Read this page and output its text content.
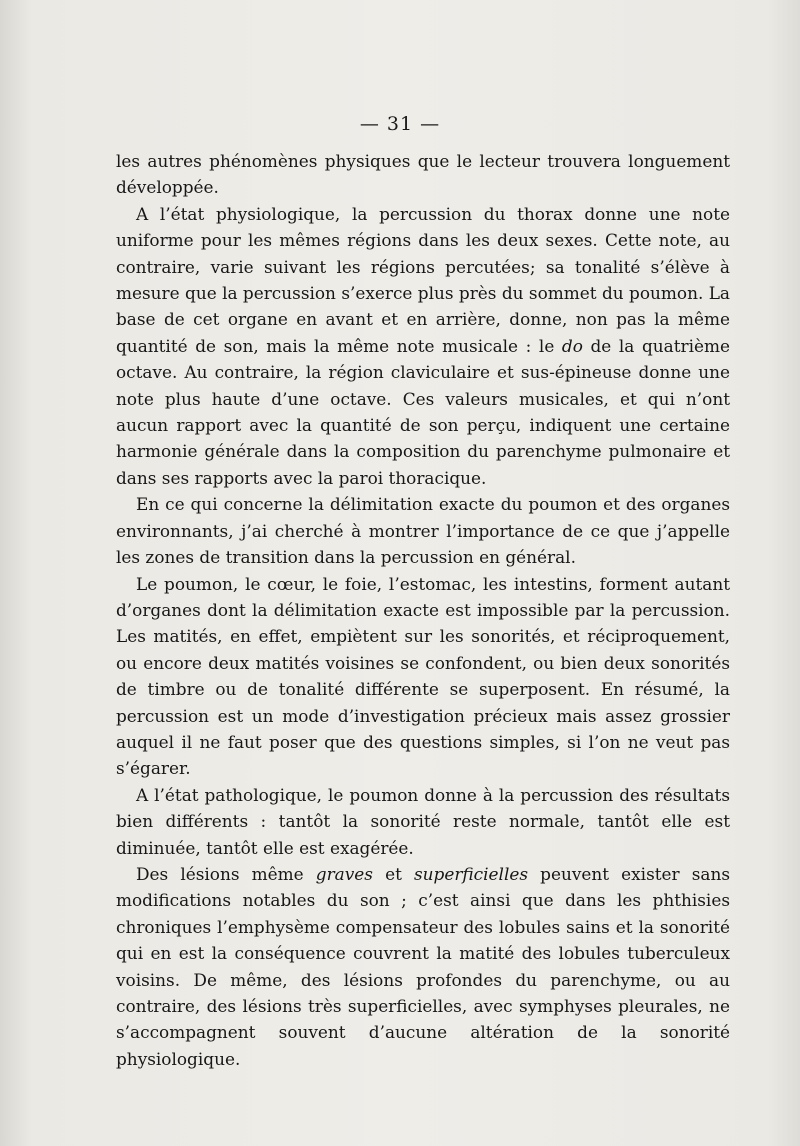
— 31 —

les autres phénomènes physiques que le lecteur trouvera longuement développée.

A l’état physiologique, la percussion du thorax donne une note uniforme pour les mêmes régions dans les deux sexes. Cette note, au contraire, varie suivant les régions percutées; sa tonalité s’élève à mesure que la percussion s’exerce plus près du sommet du poumon. La base de cet organe en avant et en arrière, donne, non pas la même quantité de son, mais la même note musicale : le do de la quatrième octave. Au contraire, la région claviculaire et sus-épineuse donne une note plus haute d’une octave. Ces valeurs musicales, et qui n’ont aucun rapport avec la quantité de son perçu, indiquent une certaine harmonie générale dans la composition du parenchyme pulmonaire et dans ses rapports avec la paroi thoracique.

En ce qui concerne la délimitation exacte du poumon et des organes environnants, j’ai cherché à montrer l’importance de ce que j’appelle les zones de transition dans la percussion en général.

Le poumon, le cœur, le foie, l’estomac, les intestins, forment autant d’organes dont la délimitation exacte est impossible par la percussion. Les matités, en effet, empiètent sur les sonorités, et réciproquement, ou encore deux matités voisines se confondent, ou bien deux sonorités de timbre ou de tonalité différente se superposent. En résumé, la percussion est un mode d’investigation précieux mais assez grossier auquel il ne faut poser que des questions simples, si l’on ne veut pas s’égarer.

A l’état pathologique, le poumon donne à la percussion des résultats bien différents : tantôt la sonorité reste normale, tantôt elle est diminuée, tantôt elle est exagérée.

Des lésions même graves et superficielles peuvent exister sans modifications notables du son ; c’est ainsi que dans les phthisies chroniques l’emphysème compensateur des lobules sains et la sonorité qui en est la conséquence couvrent la matité des lobules tuberculeux voisins. De même, des lésions profondes du parenchyme, ou au contraire, des lésions très superficielles, avec symphyses pleurales, ne s’accompagnent souvent d’aucune altération de la sonorité physiologique.
